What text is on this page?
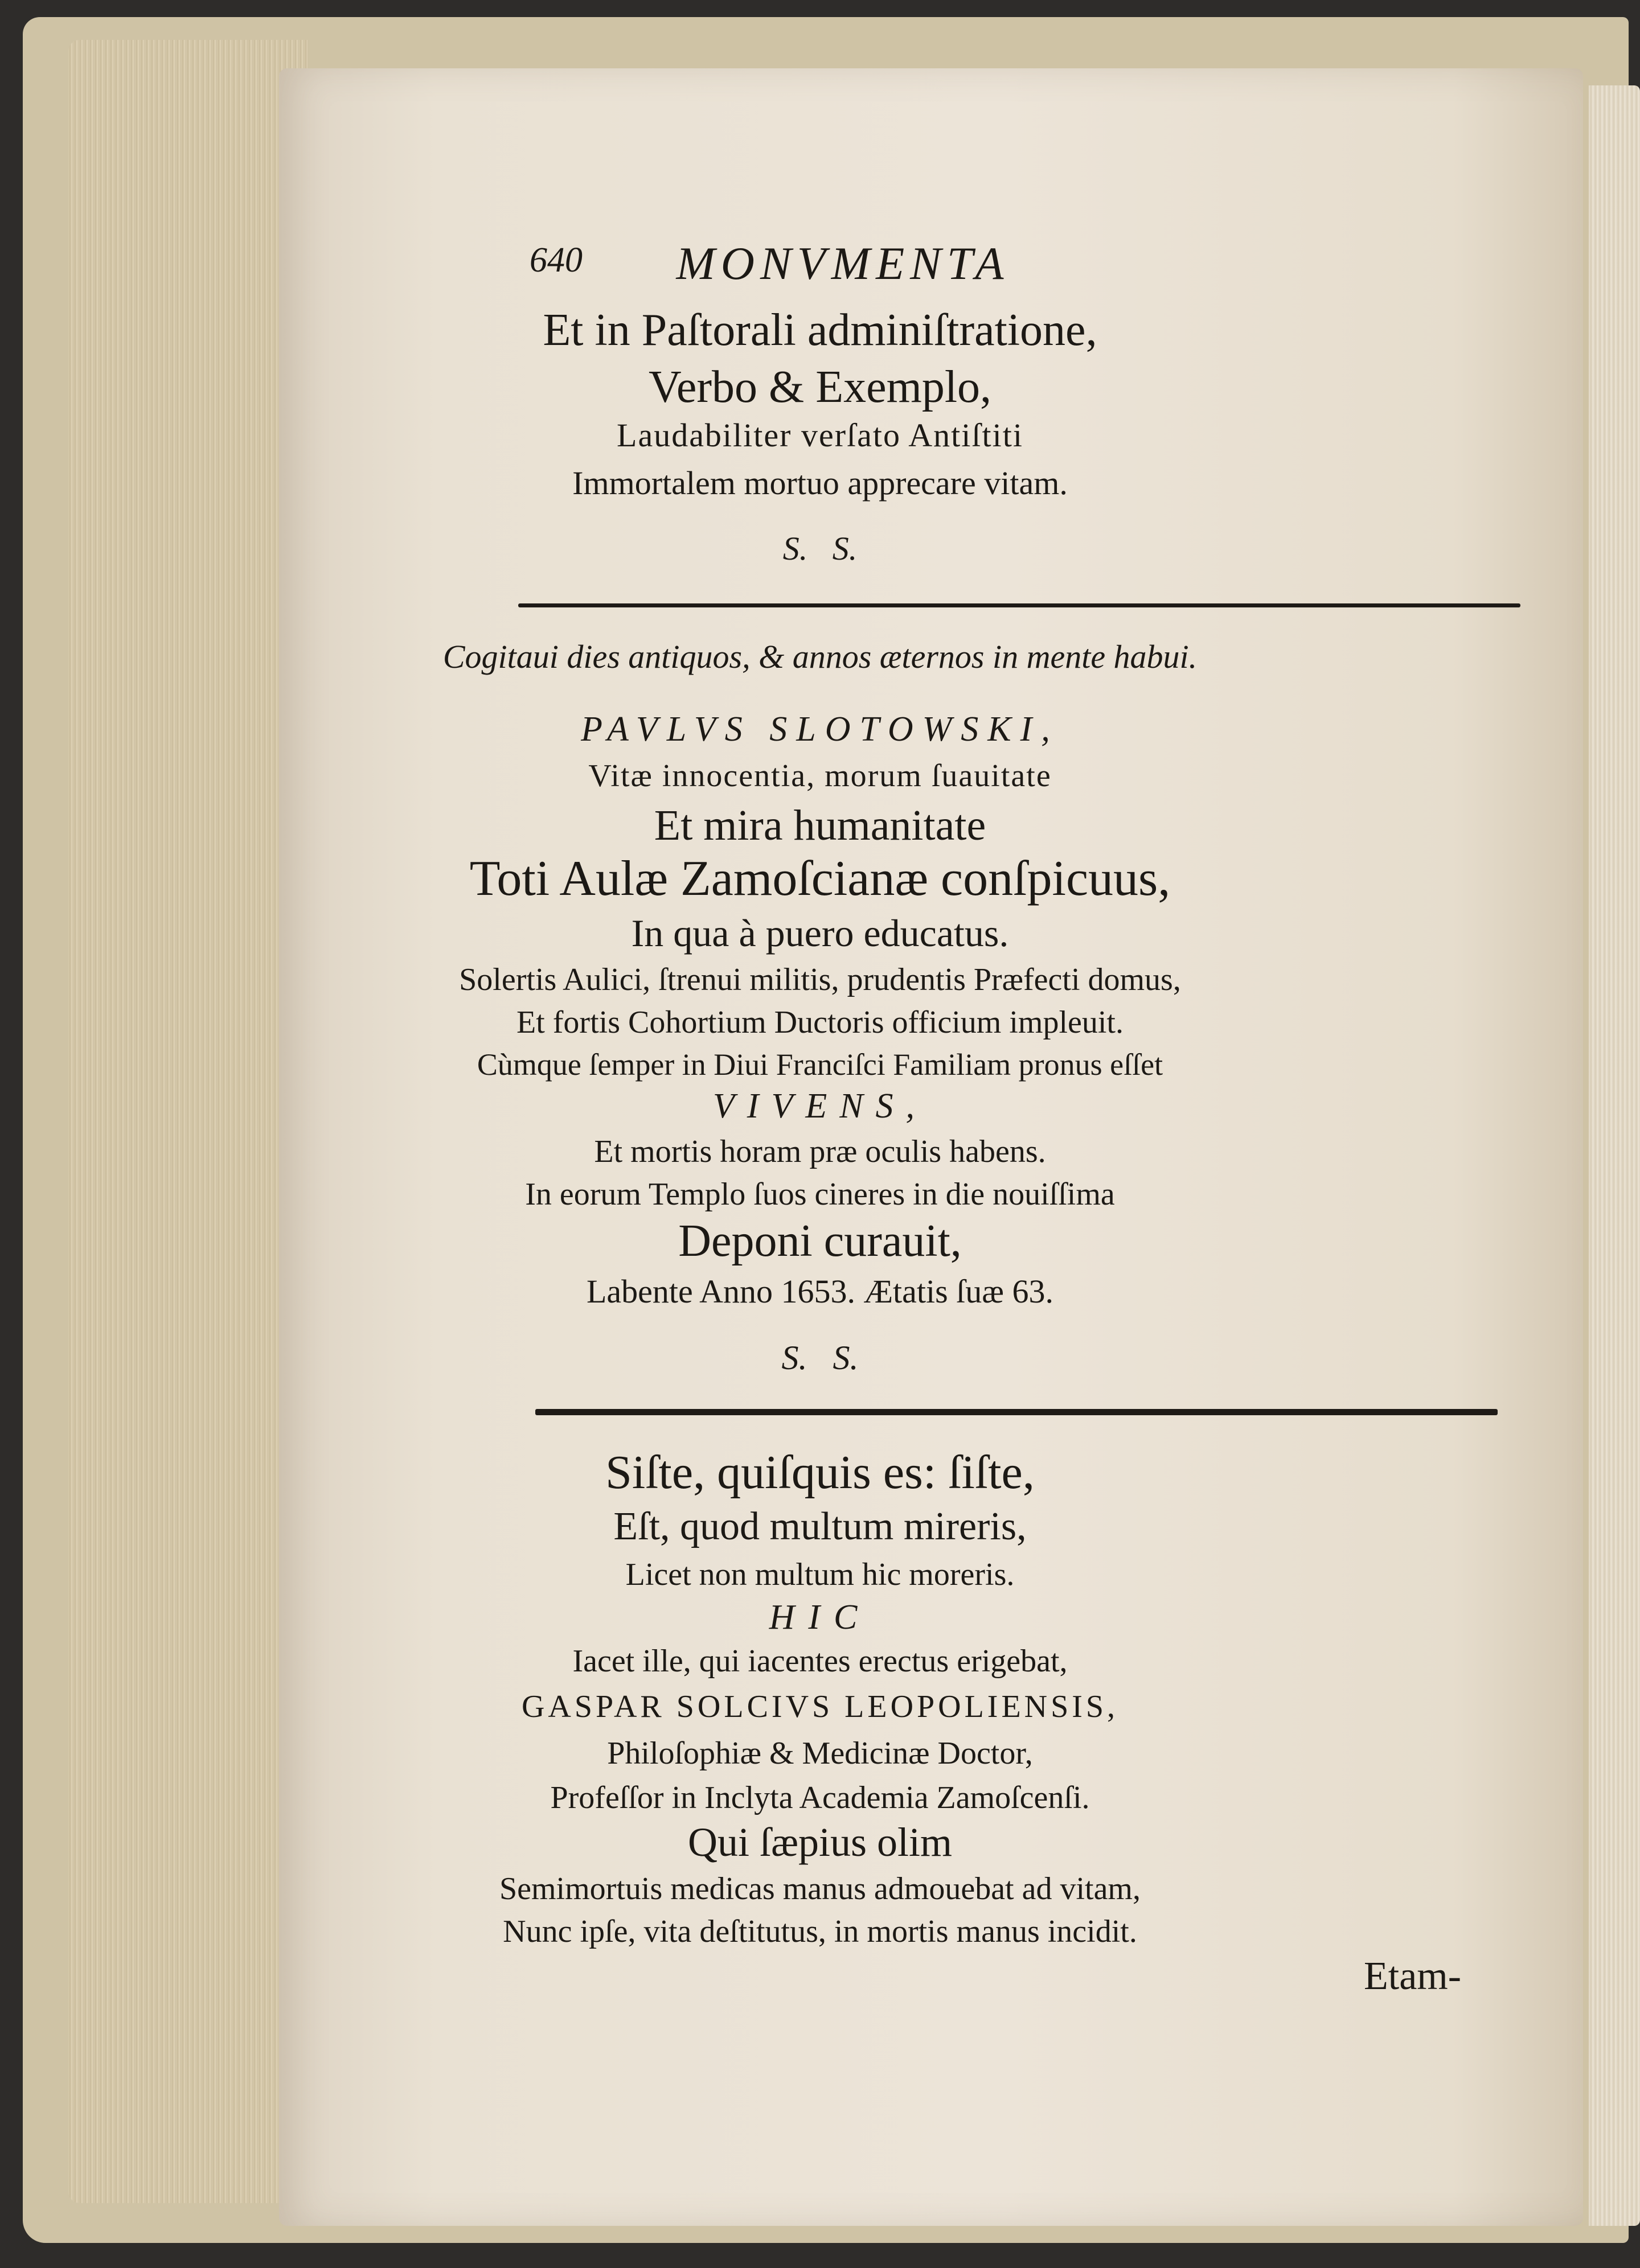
640	MONVMENTA
Et in Paſtorali adminiſtratione,
Verbo & Exemplo,
Laudabiliter verſato Antiſtiti
Immortalem mortuo apprecare vitam.
S.   S.
Cogitaui dies antiquos, & annos æternos in mente habui.
PAVLVS SLOTOWSKI,
Vitæ innocentia, morum ſuauitate
Et mira humanitate
Toti Aulæ Zamoſcianæ conſpicuus,
In qua à puero educatus.
Solertis Aulici, ſtrenui militis, prudentis Præfecti domus,
Et fortis Cohortium Ductoris officium impleuit.
Cùmque ſemper in Diui Franciſci Familiam pronus eſſet
VIVENS,
Et mortis horam præ oculis habens.
In eorum Templo ſuos cineres in die nouiſſima
Deponi curauit,
Labente Anno 1653. Ætatis ſuæ 63.
S.   S.
Siſte, quiſquis es: ſiſte,
Eſt, quod multum mireris,
Licet non multum hic moreris.
HIC
Iacet ille, qui iacentes erectus erigebat,
GASPAR SOLCIVS LEOPOLIENSIS,
Philoſophiæ & Medicinæ Doctor,
Profeſſor in Inclyta Academia Zamoſcenſi.
Qui ſæpius olim
Semimortuis medicas manus admouebat ad vitam,
Nunc ipſe, vita deſtitutus, in mortis manus incidit.
Etam-
